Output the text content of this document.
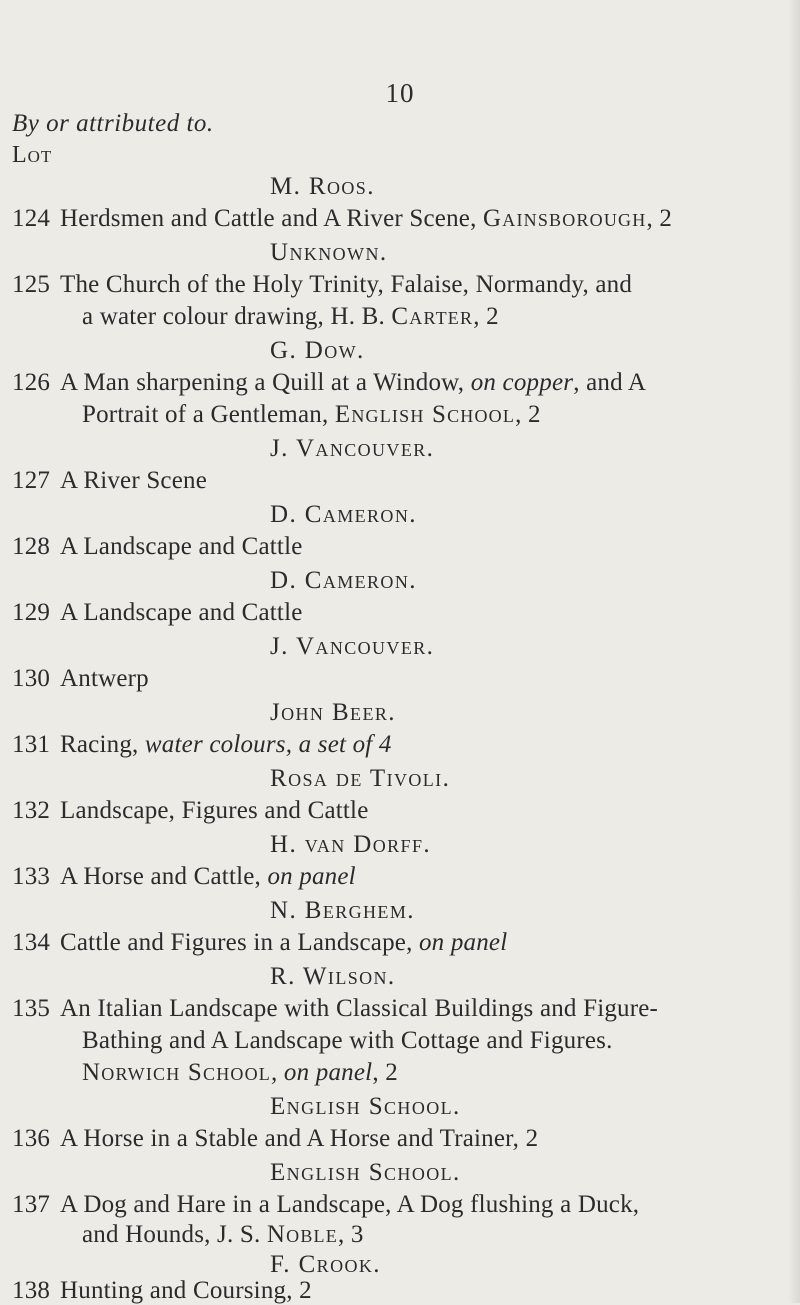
10
By or attributed to.
Lot
M. Roos.
124 Herdsmen and Cattle and A River Scene, Gainsborough, 2
Unknown.
125 The Church of the Holy Trinity, Falaise, Normandy, and
a water colour drawing, H. B. Carter, 2
G. Dow.
126 A Man sharpening a Quill at a Window, on copper, and A
Portrait of a Gentleman, English School, 2
J. Vancouver.
127 A River Scene
D. Cameron.
128 A Landscape and Cattle
D. Cameron.
129 A Landscape and Cattle
J. Vancouver.
130 Antwerp
John Beer.
131 Racing, water colours, a set of 4
Rosa de Tivoli.
132 Landscape, Figures and Cattle
H. van Dorff.
133 A Horse and Cattle, on panel
N. Berghem.
134 Cattle and Figures in a Landscape, on panel
R. Wilson.
135 An Italian Landscape with Classical Buildings and Figure-
Bathing and A Landscape with Cottage and Figures.
Norwich School, on panel, 2
English School.
136 A Horse in a Stable and A Horse and Trainer, 2
English School.
137 A Dog and Hare in a Landscape, A Dog flushing a Duck,
and Hounds, J. S. Noble, 3
F. Crook.
138 Hunting and Coursing, 2
